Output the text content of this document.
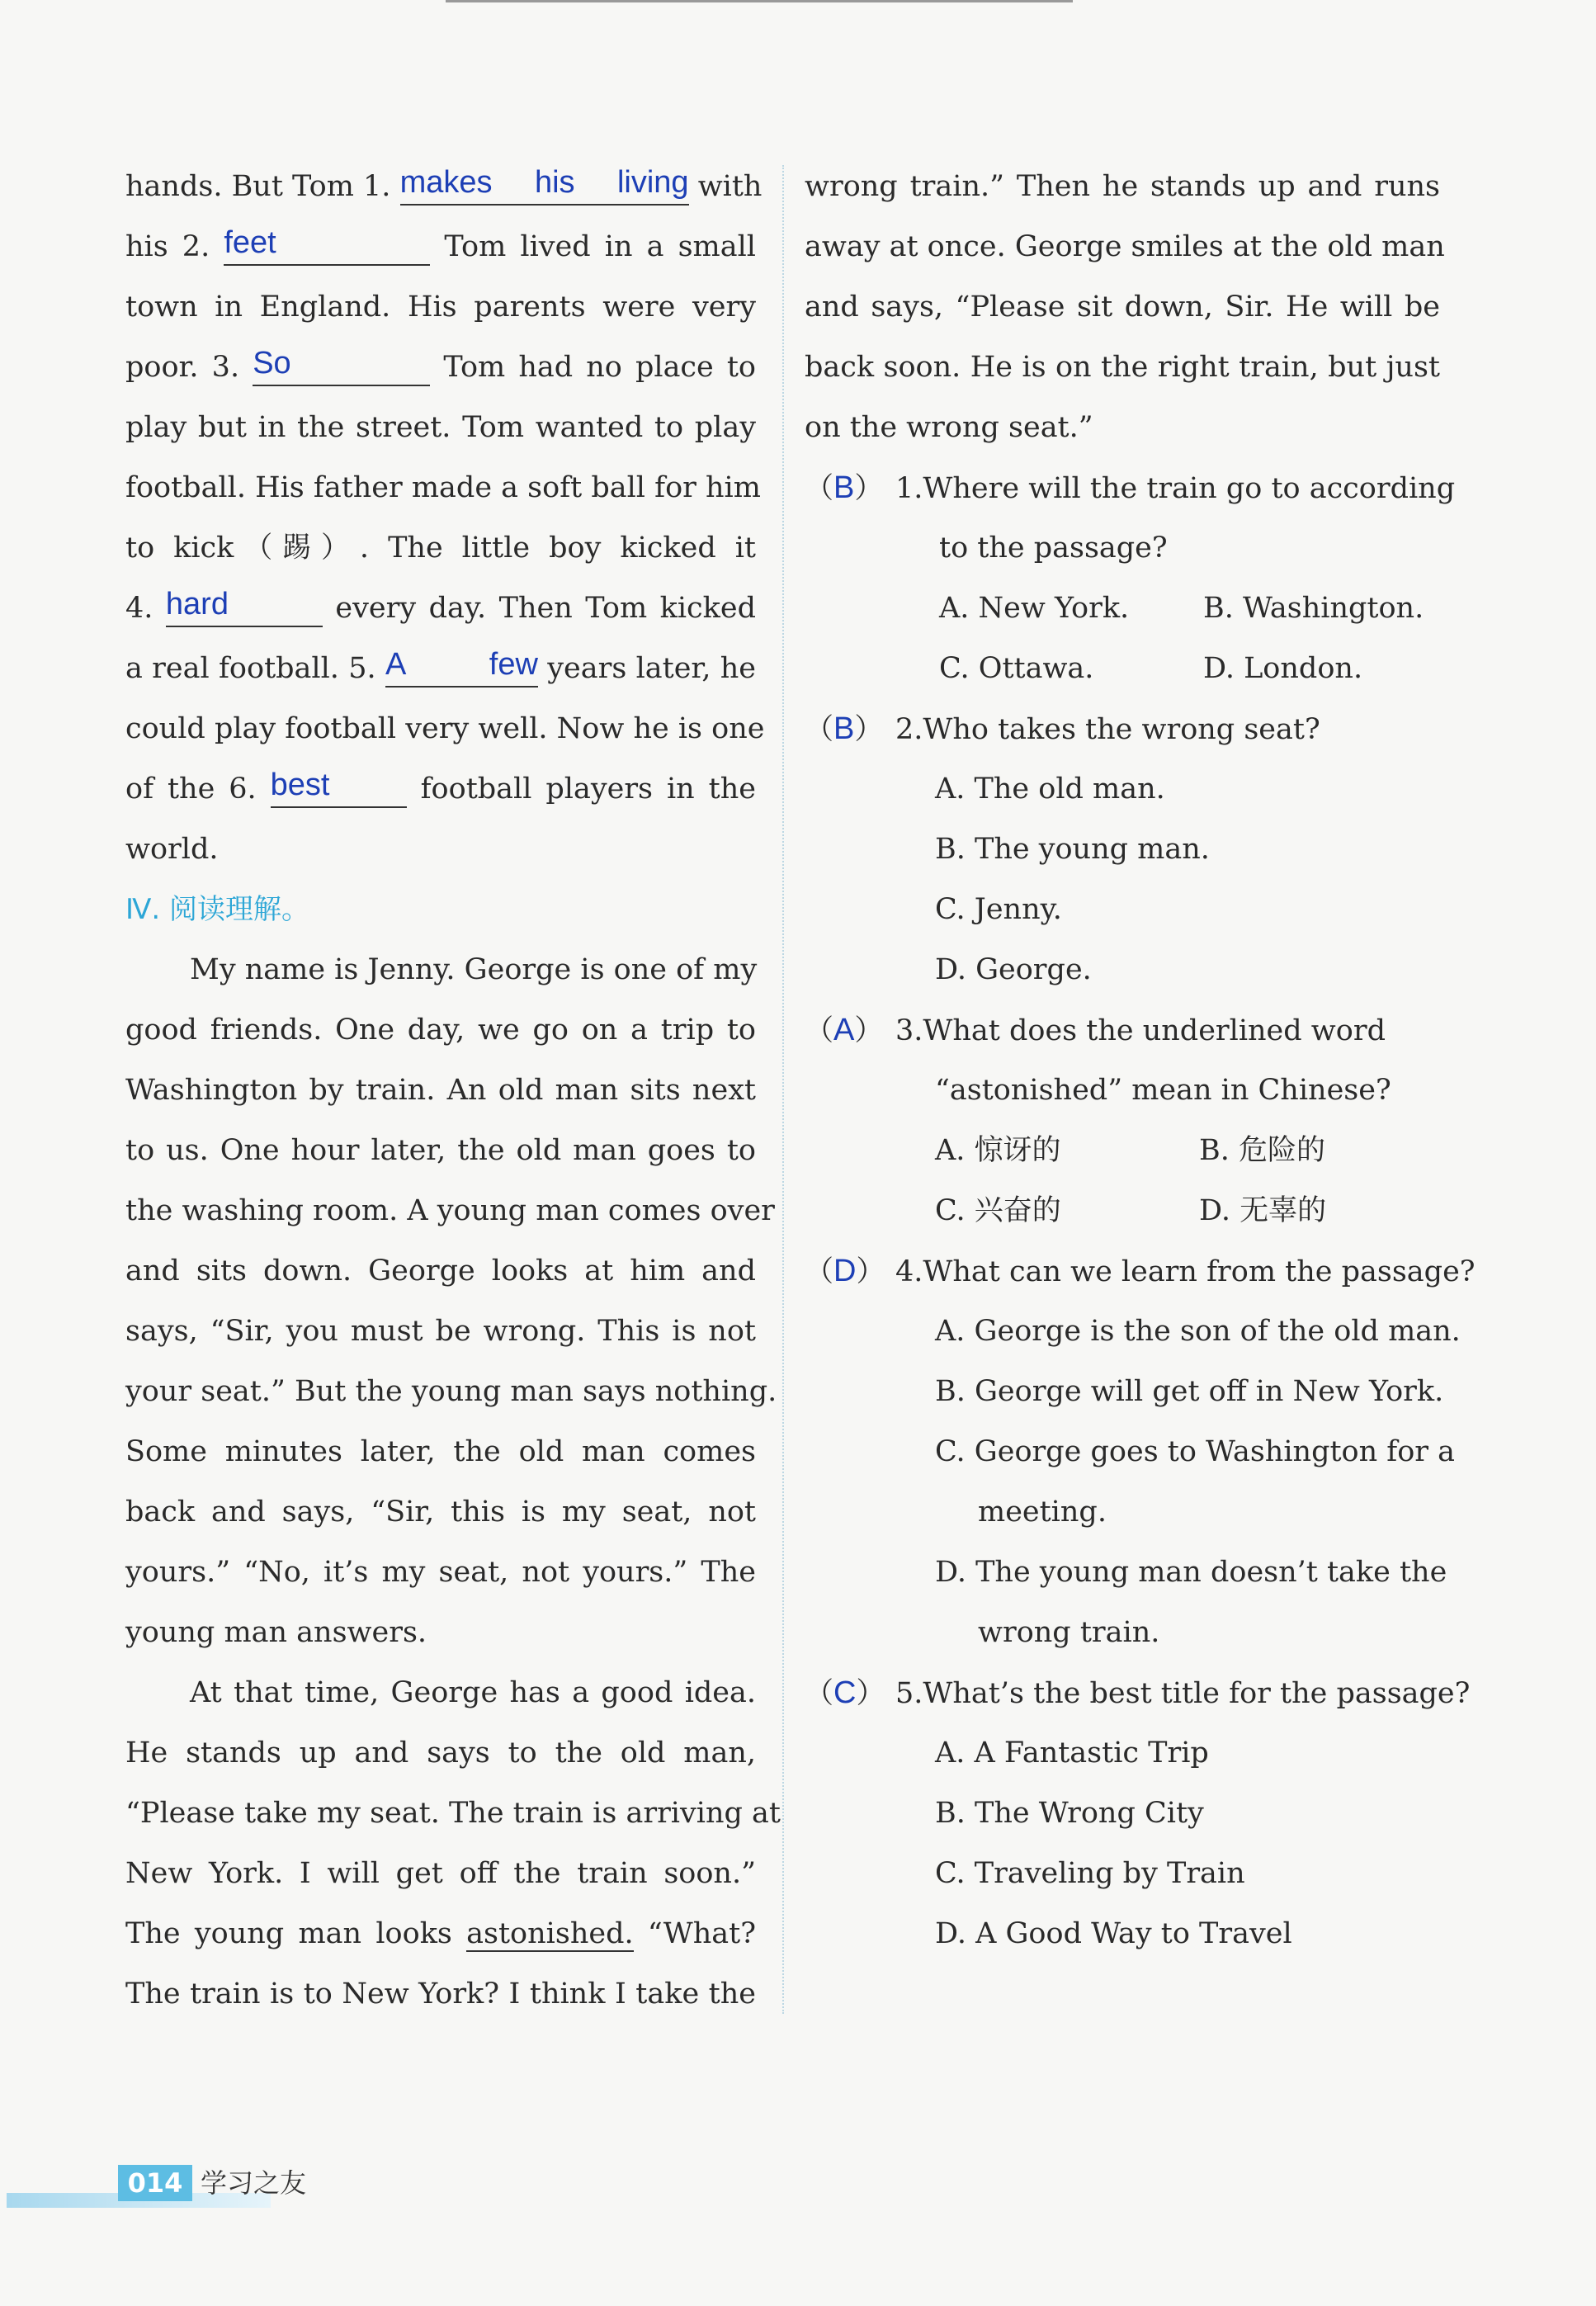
hands. But Tom 1. makes his living with
his 2. feet	Tom lived in a small
town in England. His parents were very
poor. 3. So	Tom had no place to
play but in the street. Tom wanted to play
football. His father made a soft ball for him
to kick（踢）. The little boy kicked it
4. hard	every day. Then Tom kicked
a real football. 5. A few years later, he
could play football very well. Now he is one
of the 6. best	football players in the
world.
Ⅳ. 阅读理解。
My name is Jenny. George is one of my
good friends. One day, we go on a trip to
Washington by train. An old man sits next
to us. One hour later, the old man goes to
the washing room. A young man comes over
and sits down. George looks at him and
says, “Sir, you must be wrong. This is not
your seat.” But the young man says nothing.
Some minutes later, the old man comes
back and says, “Sir, this is my seat, not
yours.” “No, it’s my seat, not yours.” The
young man answers.
At that time, George has a good idea.
He stands up and says to the old man,
“Please take my seat. The train is arriving at
New York. I will get off the train soon.”
The young man looks astonished. “What?
The train is to New York? I think I take the
wrong train.” Then he stands up and runs
away at once. George smiles at the old man
and says, “Please sit down, Sir. He will be
back soon. He is on the right train, but just
on the wrong seat.”
（B） 1.Where will the train go to according
to the passage?
A. New York.	B. Washington.
C. Ottawa.	D. London.
（B） 2.Who takes the wrong seat?
A. The old man.
B. The young man.
C. Jenny.
D. George.
（A） 3.What does the underlined word
“astonished” mean in Chinese?
A. 惊讶的	B. 危险的
C. 兴奋的	D. 无辜的
（D） 4.What can we learn from the passage?
A. George is the son of the old man.
B. George will get off in New York.
C. George goes to Washington for a
meeting.
D. The young man doesn’t take the
wrong train.
（C） 5.What’s the best title for the passage?
A. A Fantastic Trip
B. The Wrong City
C. Traveling by Train
D. A Good Way to Travel
014 学习之友
